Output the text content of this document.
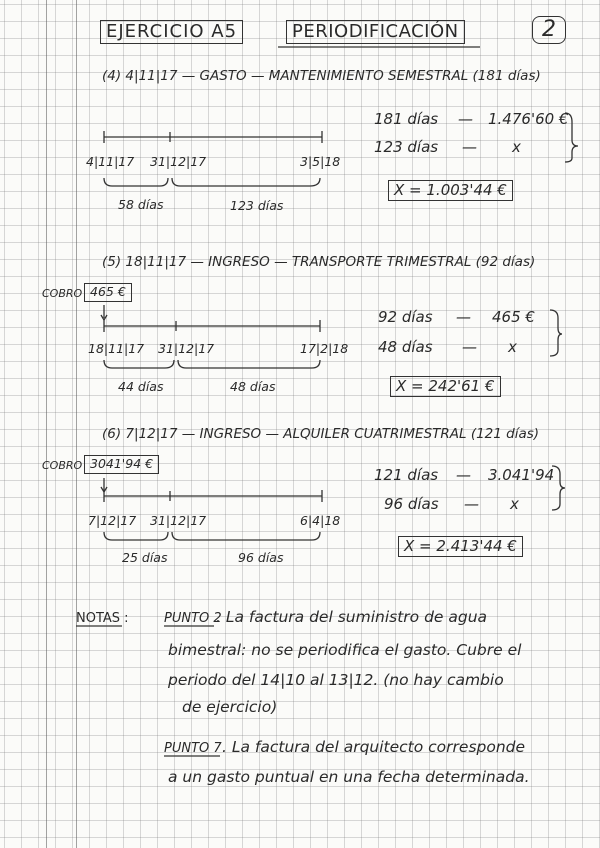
EJERCICIO A5	PERIODIFICACIÓN	2
(4) 4|11|17 — GASTO — MANTENIMIENTO SEMESTRAL (181 días)
4|11|17 31|12|17	3|5|18
58 días	123 días
181 días — 1.476'60 €
123 días — x
X = 1.003'44 €
(5) 18|11|17 — INGRESO — TRANSPORTE TRIMESTRAL (92 días)
COBRO 465 €
18|11|17 31|12|17	17|2|18
44 días	48 días
92 días — 465 €
48 días — x
X = 242'61 €
(6) 7|12|17 — INGRESO — ALQUILER CUATRIMESTRAL (121 días)
COBRO 3041'94 €
7|12|17 31|12|17	6|4|18
25 días	96 días
121 días — 3.041'94
96 días — x
X = 2.413'44 €
NOTAS :	PUNTO 2
. La factura del suministro de agua
bimestral: no se periodifica el gasto. Cubre el
periodo del 14|10 al 13|12. (no hay cambio
de ejercicio)
PUNTO 7 . La factura del arquitecto corresponde
a un gasto puntual en una fecha determinada.
